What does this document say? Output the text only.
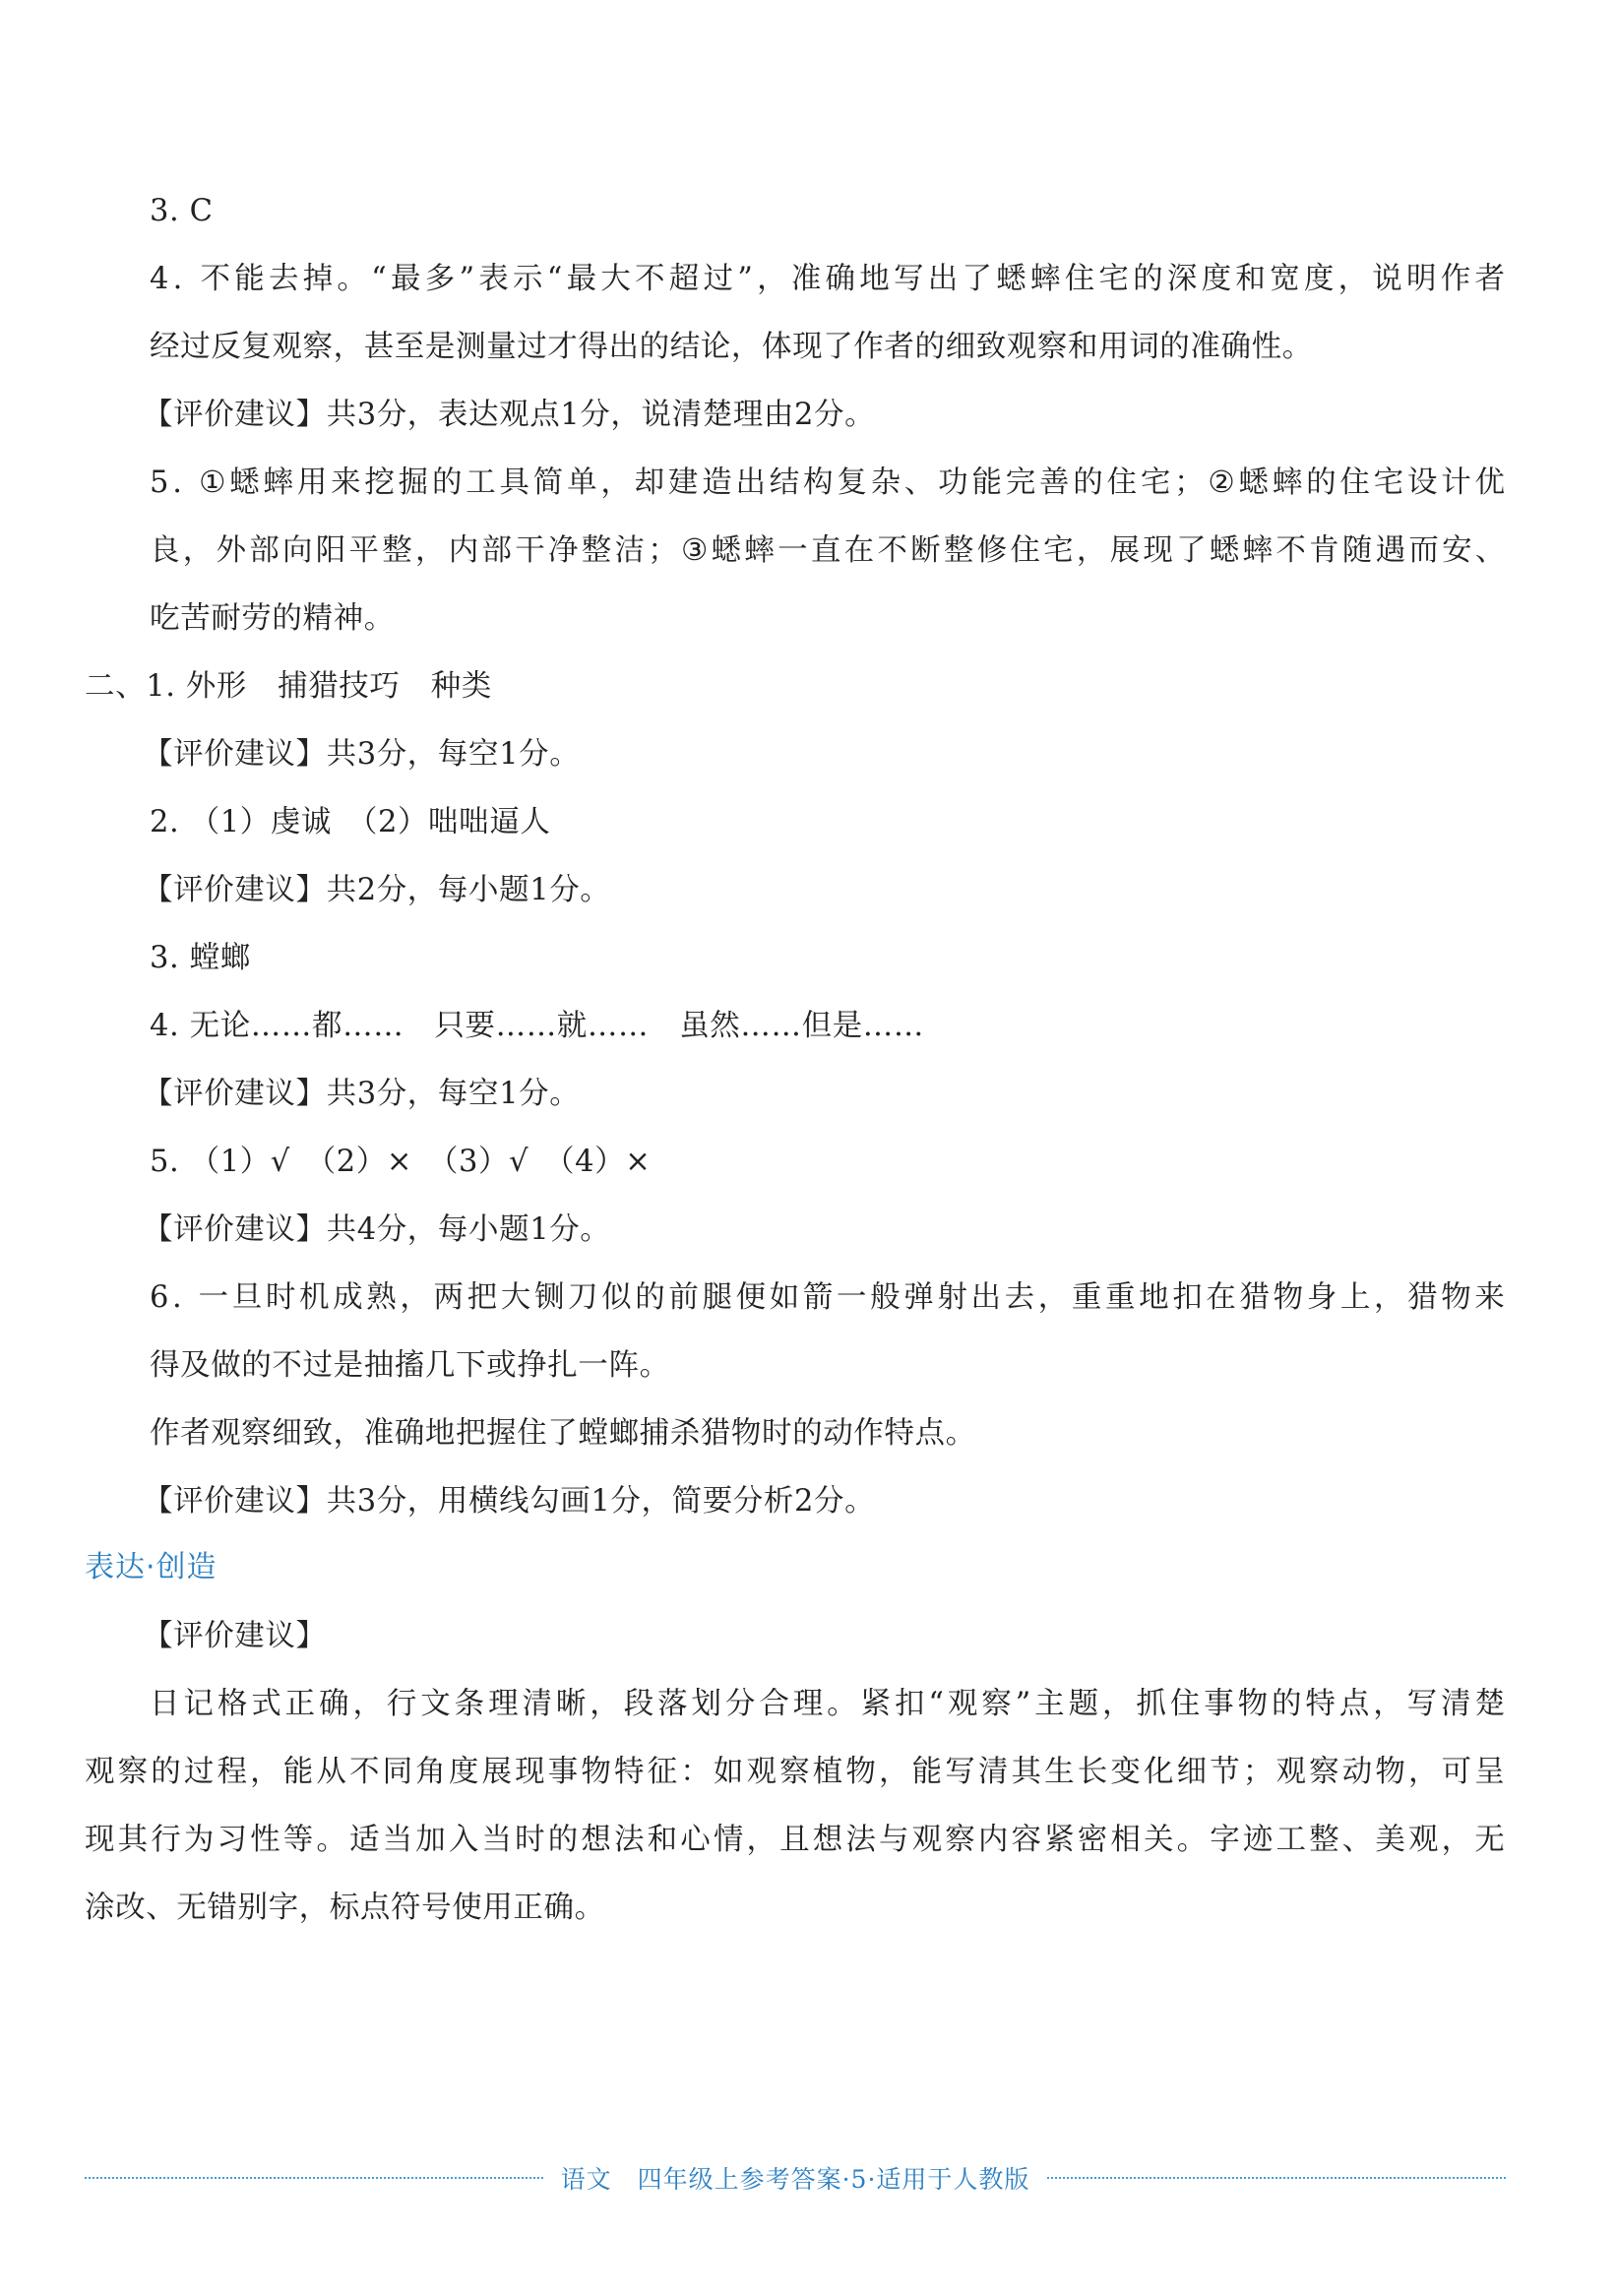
3. C
4 .
不 能 去 掉 。 “ 最 多 ” 表 示 “ 最 大 不 超 过 ” ， 准 确 地 写 出 了 蟋 蟀 住 宅 的 深 度 和 宽 度 ， 说 明 作 者
经过反复观察，甚至是测量过才得出的结论，体现了作者的细致观察和用词的准确性。
【评价建议】共3分，表达观点1分，说清楚理由2分。
5 .
① 蟋 蟀 用 来 挖 掘 的 工 具 简 单 ， 却 建 造 出 结 构 复 杂 、 功 能 完 善 的 住 宅 ； ② 蟋 蟀 的 住 宅 设 计 优
良 ， 外 部 向 阳 平 整 ， 内 部 干 净 整 洁 ； ③ 蟋 蟀 一 直 在 不 断 整 修 住 宅 ， 展 现 了 蟋 蟀 不 肯 随 遇 而 安 、
吃苦耐劳的精神。
二、1. 外形　捕猎技巧　种类
【评价建议】共3分，每空1分。
2. （1）虔诚　（2）咄咄逼人
【评价建议】共2分，每小题1分。
3. 螳螂
4. 无论……都……　只要……就……　虽然……但是……
【评价建议】共3分，每空1分。
5. （1）√　（2）×　（3）√　（4）×
【评价建议】共4分，每小题1分。
6 .
一 旦 时 机 成 熟 ， 两 把 大 铡 刀 似 的 前 腿 便 如 箭 一 般 弹 射 出 去 ， 重 重 地 扣 在 猎 物 身 上 ， 猎 物 来
得及做的不过是抽搐几下或挣扎一阵。
作者观察细致，准确地把握住了螳螂捕杀猎物时的动作特点。
【评价建议】共3分，用横线勾画1分，简要分析2分。
表达·创造
【评价建议】
日 记 格 式 正 确 ， 行 文 条 理 清 晰 ， 段 落 划 分 合 理 。 紧 扣 “ 观 察 ” 主 题 ， 抓 住 事 物 的 特 点 ， 写 清 楚
观 察 的 过 程 ， 能 从 不 同 角 度 展 现 事 物 特 征 ： 如 观 察 植 物 ， 能 写 清 其 生 长 变 化 细 节 ； 观 察 动 物 ， 可 呈
现 其 行 为 习 性 等 。 适 当 加 入 当 时 的 想 法 和 心 情 ， 且 想 法 与 观 察 内 容 紧 密 相 关 。 字 迹 工 整 、 美 观 ， 无
涂改、无错别字，标点符号使用正确。
语文　四年级上参考答案·5·适用于人教版
